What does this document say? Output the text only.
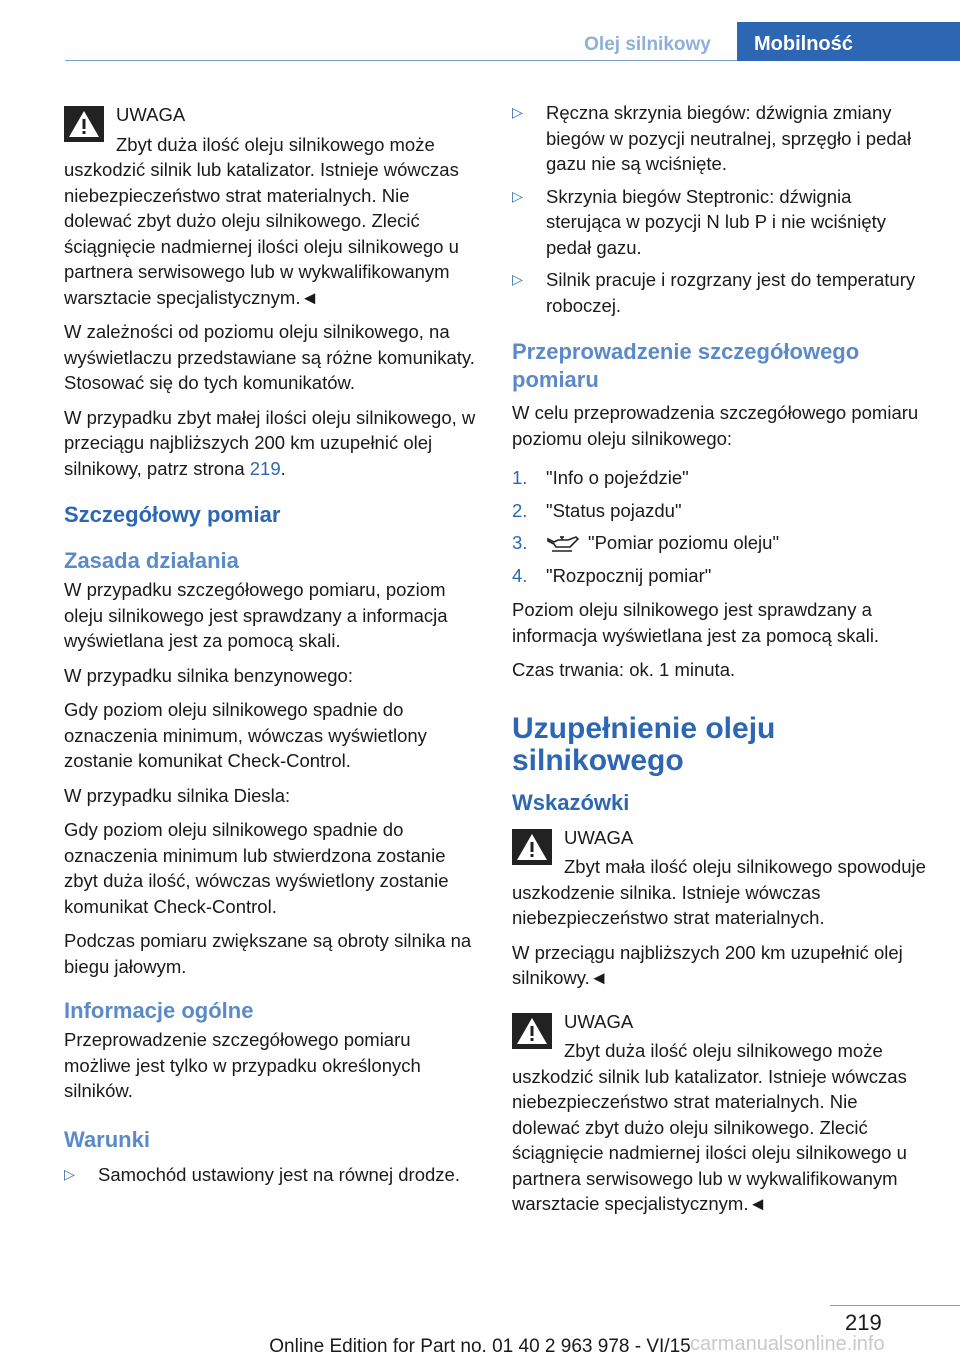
Olej silnikowy	Mobilność
UWAGA

Zbyt duża ilość oleju silnikowego może uszkodzić silnik lub katalizator. Istnieje wówczas niebezpieczeństwo strat materialnych. Nie dolewać zbyt dużo oleju silnikowego. Zlecić ściągnięcie nadmiernej ilości oleju silnikowego u partnera serwisowego lub w wykwalifikowanym warsztacie specjalistycznym.◄

W zależności od poziomu oleju silnikowego, na wyświetlaczu przedstawiane są różne komunikaty. Stosować się do tych komunikatów.

W przypadku zbyt małej ilości oleju silnikowego, w przeciągu najbliższych 200 km uzupełnić olej silnikowy, patrz strona 219.

Szczegółowy pomiar
Zasada działania

W przypadku szczegółowego pomiaru, poziom oleju silnikowego jest sprawdzany a informacja wyświetlana jest za pomocą skali.

W przypadku silnika benzynowego:

Gdy poziom oleju silnikowego spadnie do oznaczenia minimum, wówczas wyświetlony zostanie komunikat Check-Control.

W przypadku silnika Diesla:

Gdy poziom oleju silnikowego spadnie do oznaczenia minimum lub stwierdzona zostanie zbyt duża ilość, wówczas wyświetlony zostanie komunikat Check-Control.

Podczas pomiaru zwiększane są obroty silnika na biegu jałowym.

Informacje ogólne

Przeprowadzenie szczegółowego pomiaru możliwe jest tylko w przypadku określonych silników.

Warunki
▷ Samochód ustawiony jest na równej drodze.
▷ Ręczna skrzynia biegów: dźwignia zmiany biegów w pozycji neutralnej, sprzęgło i pedał gazu nie są wciśnięte.
▷ Skrzynia biegów Steptronic: dźwignia sterująca w pozycji N lub P i nie wciśnięty pedał gazu.
▷ Silnik pracuje i rozgrzany jest do temperatury roboczej.
Przeprowadzenie szczegółowego pomiaru

W celu przeprowadzenia szczegółowego pomiaru poziomu oleju silnikowego:

1. "Info o pojeździe"
2. "Status pojazdu"
3.	"Pomiar poziomu oleju"
4. "Rozpocznij pomiar"

Poziom oleju silnikowego jest sprawdzany a informacja wyświetlana jest za pomocą skali.

Czas trwania: ok. 1 minuta.

Uzupełnienie oleju silnikowego
Wskazówki
UWAGA

Zbyt mała ilość oleju silnikowego spowoduje uszkodzenie silnika. Istnieje wówczas niebezpieczeństwo strat materialnych.

W przeciągu najbliższych 200 km uzupełnić olej silnikowy.◄

UWAGA

Zbyt duża ilość oleju silnikowego może uszkodzić silnik lub katalizator. Istnieje wówczas niebezpieczeństwo strat materialnych. Nie dolewać zbyt dużo oleju silnikowego. Zlecić ściągnięcie nadmiernej ilości oleju silnikowego u partnera serwisowego lub w wykwalifikowanym warsztacie specjalistycznym.◄

219
Online Edition for Part no. 01 40 2 963 978 - VI/15 carmanualsonline.info
